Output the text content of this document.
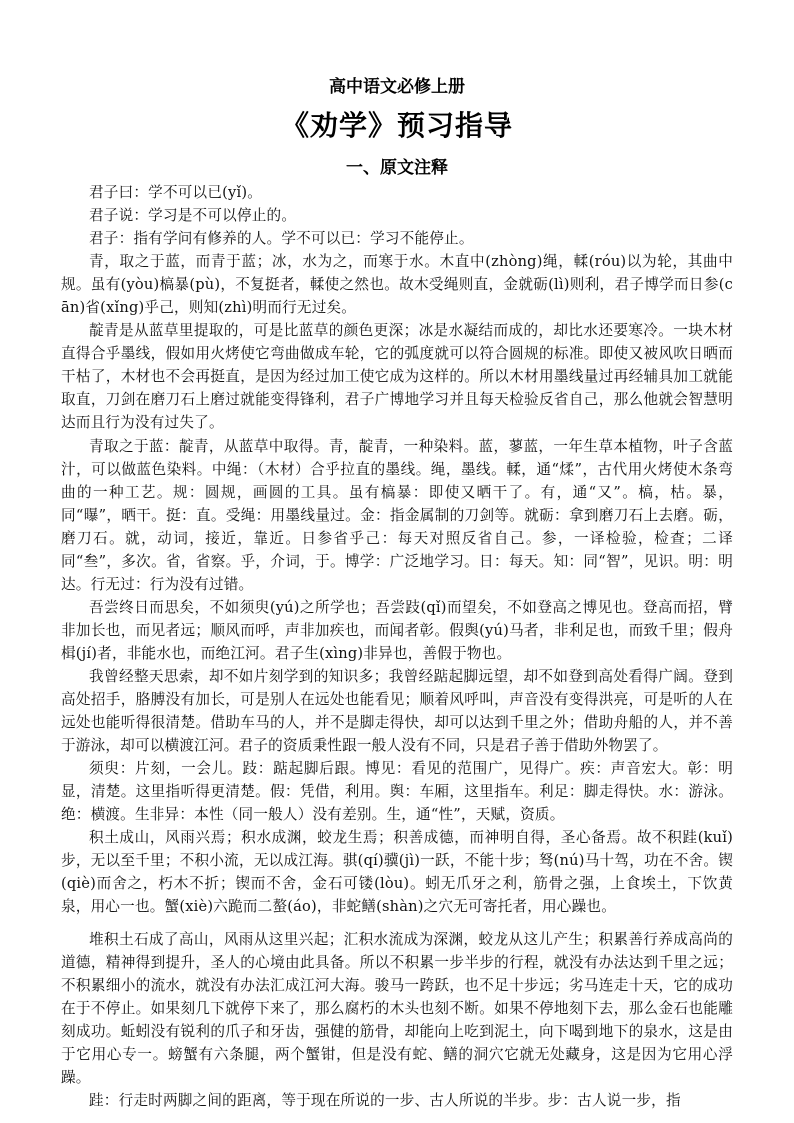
高中语文必修上册
《劝学》预习指导
一、原文注释

君子曰：学不可以已(yǐ)。

君子说：学习是不可以停止的。

君子：指有学问有修养的人。学不可以已：学习不能停止。

青，取之于蓝，而青于蓝；冰，水为之，而寒于水。木直中(zhòng)绳，輮(róu)以为轮，其曲中规。虽有(yòu)槁暴(pù)，不复挺者，輮使之然也。故木受绳则直，金就砺(lì)则利，君子博学而日参(cān)省(xǐng)乎己，则知(zhì)明而行无过矣。

靛青是从蓝草里提取的，可是比蓝草的颜色更深；冰是水凝结而成的，却比水还要寒冷。一块木材直得合乎墨线，假如用火烤使它弯曲做成车轮，它的弧度就可以符合圆规的标准。即使又被风吹日晒而干枯了，木材也不会再挺直，是因为经过加工使它成为这样的。所以木材用墨线量过再经辅具加工就能取直，刀剑在磨刀石上磨过就能变得锋利，君子广博地学习并且每天检验反省自己，那么他就会智慧明达而且行为没有过失了。

青取之于蓝：靛青，从蓝草中取得。青，靛青，一种染料。蓝，蓼蓝，一年生草本植物，叶子含蓝汁，可以做蓝色染料。中绳：（木材）合乎拉直的墨线。绳，墨线。輮，通“煣”，古代用火烤使木条弯曲的一种工艺。规：圆规，画圆的工具。虽有槁暴：即使又晒干了。有，通“又”。槁，枯。暴，同“曝”，晒干。挺：直。受绳：用墨线量过。金：指金属制的刀剑等。就砺：拿到磨刀石上去磨。砺，磨刀石。就，动词，接近，靠近。日参省乎己：每天对照反省自己。参，一译检验，检查；二译同“叁”，多次。省，省察。乎，介词，于。博学：广泛地学习。日：每天。知：同“智”，见识。明：明达。行无过：行为没有过错。

吾尝终日而思矣，不如须臾(yú)之所学也；吾尝跂(qǐ)而望矣，不如登高之博见也。登高而招，臂非加长也，而见者远；顺风而呼，声非加疾也，而闻者彰。假舆(yú)马者，非利足也，而致千里；假舟楫(jí)者，非能水也，而绝江河。君子生(xìng)非异也，善假于物也。

我曾经整天思索，却不如片刻学到的知识多；我曾经踮起脚远望，却不如登到高处看得广阔。登到高处招手，胳膊没有加长，可是别人在远处也能看见；顺着风呼叫，声音没有变得洪亮，可是听的人在远处也能听得很清楚。借助车马的人，并不是脚走得快，却可以达到千里之外；借助舟船的人，并不善于游泳，却可以横渡江河。君子的资质秉性跟一般人没有不同，只是君子善于借助外物罢了。

须臾：片刻，一会儿。跂：踮起脚后跟。博见：看见的范围广，见得广。疾：声音宏大。彰：明显，清楚。这里指听得更清楚。假：凭借，利用。舆：车厢，这里指车。利足：脚走得快。水：游泳。绝：横渡。生非异：本性（同一般人）没有差别。生，通“性”，天赋，资质。

积土成山，风雨兴焉；积水成渊，蛟龙生焉；积善成德，而神明自得，圣心备焉。故不积跬(kuǐ)步，无以至千里；不积小流，无以成江海。骐(qí)骥(jì)一跃，不能十步；驽(nú)马十驾，功在不舍。锲(qiè)而舍之，朽木不折；锲而不舍，金石可镂(lòu)。蚓无爪牙之利，筋骨之强，上食埃土，下饮黄泉，用心一也。蟹(xiè)六跪而二螯(áo)，非蛇鳝(shàn)之穴无可寄托者，用心躁也。

堆积土石成了高山，风雨从这里兴起；汇积水流成为深渊，蛟龙从这儿产生；积累善行养成高尚的道德，精神得到提升，圣人的心境由此具备。所以不积累一步半步的行程，就没有办法达到千里之远；不积累细小的流水，就没有办法汇成江河大海。骏马一跨跃，也不足十步远；劣马连走十天，它的成功在于不停止。如果刻几下就停下来了，那么腐朽的木头也刻不断。如果不停地刻下去，那么金石也能雕刻成功。蚯蚓没有锐利的爪子和牙齿，强健的筋骨，却能向上吃到泥土，向下喝到地下的泉水，这是由于它用心专一。螃蟹有六条腿，两个蟹钳，但是没有蛇、鳝的洞穴它就无处藏身，这是因为它用心浮躁。

跬：行走时两脚之间的距离，等于现在所说的一步、古人所说的半步。步：古人说一步，指
